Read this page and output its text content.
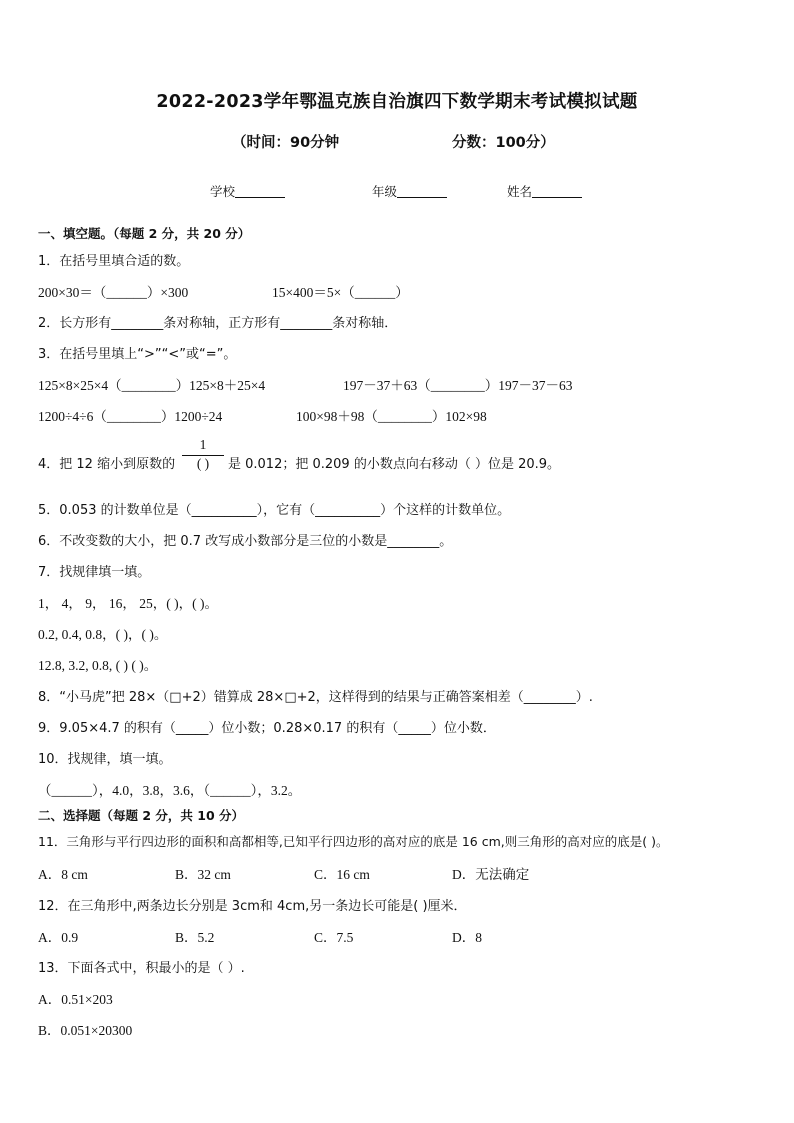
2022-2023学年鄂温克族自治旗四下数学期末考试模拟试题
（时间：90分钟	分数：100分）
学校	年级	姓名
一、填空题。（每题 2 分，共 20 分）
1．在括号里填合适的数。
200×30＝（______）×300	15×400＝5×（______）
2．长方形有________条对称轴，正方形有________条对称轴．
3．在括号里填上“>”“<”或“=”。
125×8×25×4（________）125×8＋25×4	197－37＋63（________）197－37－63
1200÷4÷6（________）1200÷24	100×98＋98（________）102×98
4．把 12 缩小到原数的
1
( )	是 0.012；把 0.209 的小数点向右移动（ ）位是 20.9。
5．0.053 的计数单位是（__________），它有（__________）个这样的计数单位。
6．不改变数的大小，把 0.7 改写成小数部分是三位的小数是________。
7．找规律填一填。
1， 4， 9， 16， 25，( )，( )。
0.2, 0.4, 0.8，( )，( )。
12.8, 3.2, 0.8, ( ) ( )。
8．“小马虎”把 28×（□+2）错算成 28×□+2，这样得到的结果与正确答案相差（________）.
9．9.05×4.7 的积有（_____）位小数；0.28×0.17 的积有（_____）位小数．
10．找规律，填一填。
（______），4.0，3.8，3.6，（______），3.2。
二、选择题（每题 2 分，共 10 分）
11．三角形与平行四边形的面积和高都相等,已知平行四边形的高对应的底是 16 cm,则三角形的高对应的底是( )。
A．8 cm	B．32 cm	C．16 cm	D．无法确定
12．在三角形中,两条边长分别是 3cm和 4cm,另一条边长可能是( )厘米．
A．0.9	B．5.2	C．7.5	D．8
13．下面各式中，积最小的是（ ）.
A．0.51×203
B．0.051×20300
